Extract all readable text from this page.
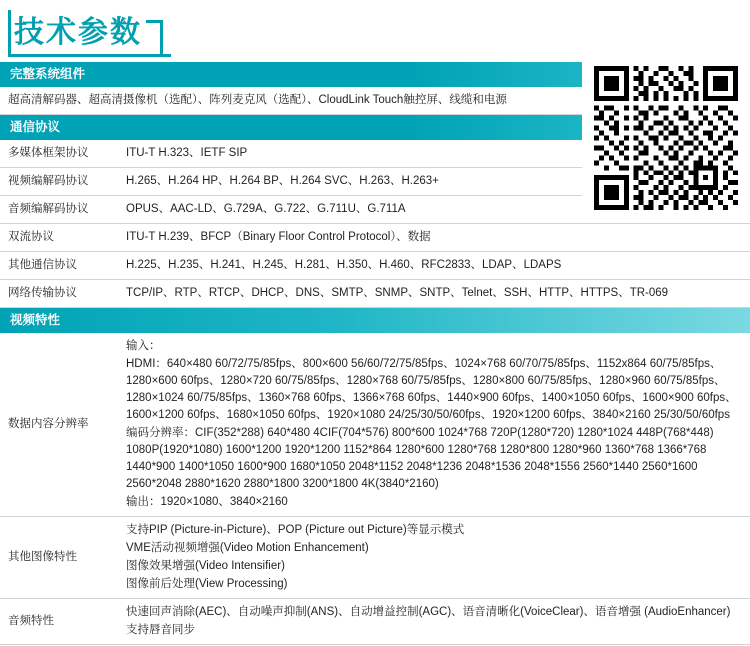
技术参数
完整系统组件	
超高清解码器、超高清摄像机（选配）、阵列麦克风（选配）、CloudLink Touch触控屏、线缆和电源	
通信协议	
多媒体框架协议	ITU-T H.323、IETF SIP
视频编解码协议	H.265、H.264 HP、H.264 BP、H.264 SVC、H.263、H.263+
音频编解码协议	OPUS、AAC-LD、G.729A、G.722、G.711U、G.711A
双流协议	ITU-T H.239、BFCP（Binary Floor Control Protocol）、数据
其他通信协议	H.225、H.235、H.241、H.245、H.281、H.350、H.460、RFC2833、LDAP、LDAPS
网络传输协议	TCP/IP、RTP、RTCP、DHCP、DNS、SMTP、SNMP、SNTP、Telnet、SSH、HTTP、HTTPS、TR-069
视频特性	
数据内容分辨率	输入：
HDMI：640×480 60/72/75/85fps、800×600 56/60/72/75/85fps、1024×768 60/70/75/85fps、1152x864 60/75/85fps、1280×600 60fps、1280×720 60/75/85fps、1280×768 60/75/85fps、1280×800 60/75/85fps、1280×960 60/75/85fps、1280×1024 60/75/85fps、1360×768 60fps、1366×768 60fps、1440×900 60fps、1400×1050 60fps、1600×900 60fps、1600×1200 60fps、1680×1050 60fps、1920×1080 24/25/30/50/60fps、1920×1200 60fps、3840×2160 25/30/50/60fps
编码分辨率：CIF(352*288) 640*480 4CIF(704*576) 800*600 1024*768 720P(1280*720) 1280*1024 448P(768*448) 1080P(1920*1080) 1600*1200 1920*1200 1152*864 1280*600 1280*768 1280*800 1280*960 1360*768 1366*768 1440*900 1400*1050 1600*900 1680*1050 2048*1152 2048*1236 2048*1536 2048*1556 2560*1440 2560*1600 2560*2048 2880*1620 2880*1800 3200*1800 4K(3840*2160)
输出：1920×1080、3840×2160

其他图像特性	支持PIP (Picture-in-Picture)、POP (Picture out Picture)等显示模式
VME活动视频增强(Video Motion Enhancement)
图像效果增强(Video Intensifier)
图像前后处理(View Processing)

音频特性	快速回声消除(AEC)、自动噪声抑制(ANS)、自动增益控制(AGC)、语音清晰化(VoiceClear)、语音增强 (AudioEnhancer)
支持唇音同步
